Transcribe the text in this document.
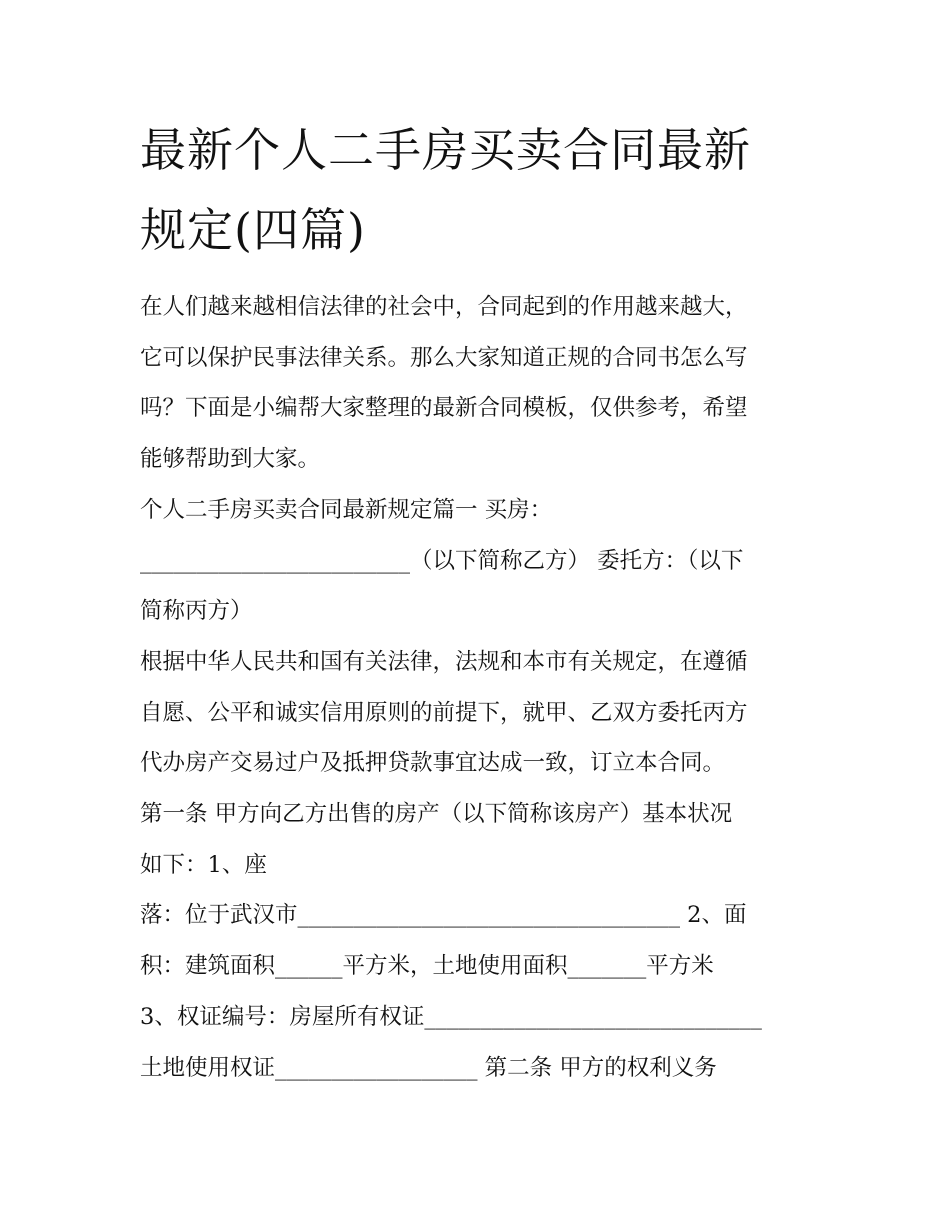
最新个人二手房买卖合同最新
规定(四篇)
在人们越来越相信法律的社会中，合同起到的作用越来越大，
它可以保护民事法律关系。那么大家知道正规的合同书怎么写
吗？下面是小编帮大家整理的最新合同模板，仅供参考，希望
能够帮助到大家。
个人二手房买卖合同最新规定篇一 买房：
________________________（以下简称乙方） 委托方：（以下
简称丙方）
根据中华人民共和国有关法律，法规和本市有关规定，在遵循
自愿、公平和诚实信用原则的前提下，就甲、乙双方委托丙方
代办房产交易过户及抵押贷款事宜达成一致，订立本合同。
第一条 甲方向乙方出售的房产（以下简称该房产）基本状况
如下：1、座
落：位于武汉市__________________________________ 2、面
积：建筑面积______平方米，土地使用面积_______平方米
3、权证编号：房屋所有权证______________________________
土地使用权证__________________ 第二条 甲方的权利义务
